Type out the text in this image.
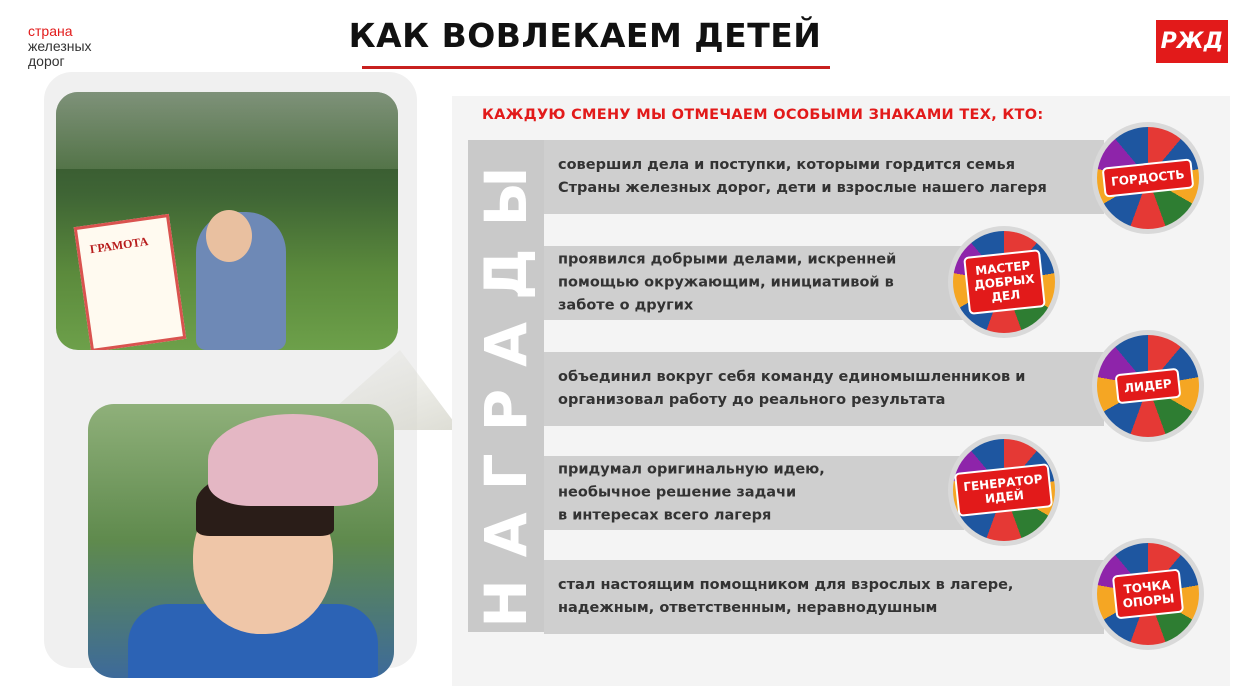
страна
железных
дорог
КАК ВОВЛЕКАЕМ ДЕТЕЙ	РЖД
ГРАМОТА
КАЖДУЮ СМЕНУ МЫ ОТМЕЧАЕМ ОСОБЫМИ ЗНАКАМИ ТЕХ, КТО:
НАГРАДЫ совершил дела и поступки, которыми гордится семья
Страны железных дорог, дети и взрослые нашего лагеря
проявился добрыми делами, искренней
помощью окружающим, инициативой в
заботе о других
объединил вокруг себя команду единомышленников и
организовал работу до реального результата
придумал оригинальную идею,
необычное решение задачи
в интересах всего лагеря
стал настоящим помощником для взрослых в лагере,
надежным, ответственным, неравнодушным
ГОРДОСТЬ
МАСТЕР
ДОБРЫХ
ДЕЛ
ЛИДЕР
ГЕНЕРАТОР
ИДЕЙ
ТОЧКА
ОПОРЫ
